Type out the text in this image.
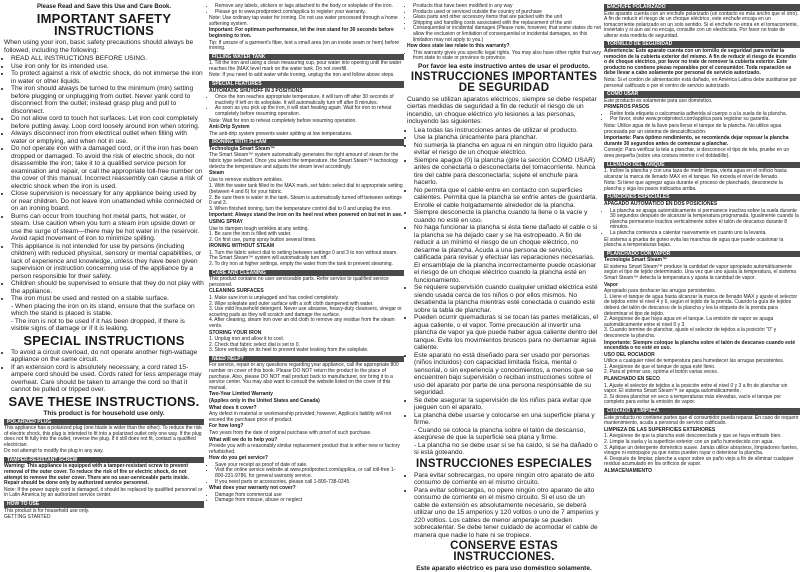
Please Read and Save this Use and Care Book.
IMPORTANT SAFETY INSTRUCTIONS

When using your iron, basic safety precautions should always be followed, including the following:

• READ ALL INSTRUCTIONS BEFORE USING.
• Use iron only for its intended use.
• To protect against a risk of electric shock, do not immerse the iron in water or other liquids.
• The iron should always be turned to the minimum (min) setting before plugging or unplugging from outlet. Never yank cord to disconnect from the outlet; instead grasp plug and pull to disconnect.
• Do not allow cord to touch hot surfaces. Let iron cool completely before putting away. Loop cord loosely around iron when storing.
• Always disconnect iron from electrical outlet when filling with water or emptying, and when not in use.
• Do not operate iron with a damaged cord, or if the iron has been dropped or damaged. To avoid the risk of electric shock, do not disassemble the iron; take it to a qualified service person for examination and repair, or call the appropriate toll-free number on the cover of this manual. Incorrect reassembly can cause a risk of electric shock when the iron is used.
• Close supervision is necessary for any appliance being used by or near children. Do not leave iron unattended while connected or on an ironing board.
• Burns can occur from touching hot metal parts, hot water, or steam. Use caution when you turn a steam iron upside down or use the surge of steam—there may be hot water in the reservoir. Avoid rapid movement of iron to minimize spilling.
• This appliance is not intended for use by persons (including children) with reduced physical, sensory or mental capabilities, or lack of experience and knowledge, unless they have been given supervision or instruction concerning use of the appliance by a person responsible for their safety.
• Children should be supervised to ensure that they do not play with the appliance.
• The iron must be used and rested on a stable surface.
- When placing the iron on its stand, ensure that the surface on which the stand is placed is stable.
- The iron is not to be used if it has been dropped, if there is visible signs of damage or if it is leaking.
SPECIAL INSTRUCTIONS
• To avoid a circuit overload, do not operate another high-wattage appliance on the same circuit.
• If an extension cord is absolutely necessary, a cord rated 15-ampere cord should be used. Cords rated for less amperage may overheat. Care should be taken to arrange the cord so that it cannot be pulled or tripped over.
SAVE THESE INSTRUCTIONS.
This product is for household use only.
POLARIZED PLUG

This appliance has a polarized plug (one blade is wider than the other). To reduce the risk of electric shock, this plug is intended to fit into a polarized outlet only one way. If the plug does not fit fully into the outlet, reverse the plug. If it still does not fit, contact a qualified electrician.

Do not attempt to modify the plug in any way.

TAMPER-RESISTANT SCREW

Warning: This appliance is equipped with a tamper-resistant screw to prevent removal of the outer cover. To reduce the risk of fire or electric shock, do not attempt to remove the outer cover. There are no user-serviceable parts inside. Repair should be done only by authorized service personnel.

Note: If the power supply cord is damaged, it should be replaced by qualified personnel or in Latin America by an authorized service center.

HOW TO USE

This product is for household use only.

GETTING STARTED

• Remove any labels, stickers or tags attached to the body or soleplate of the iron.
• Please go to www.prodprotect.com/applica to register your warranty.

Note: Use ordinary tap water for ironing. Do not use water processed through a home softening system.

Important: For optimum performance, let the iron stand for 30 seconds before beginning to iron.

Tip: If unsure of a garment's fiber, test a small area (on an inside seam or hem) before ironing.

FILLING WATER TANK

1. Tilt the iron and using a clean measuring cup, pour water into opening until the water reaches the (MAX level mark on the water tank. Do not overfill.

Note: If you need to add water while ironing, unplug the iron and follow above steps.

SPECIAL FEATURES

AUTOMATIC SHUTOFF IN 3 POSITIONS

• Once the iron reaches appropriate temperature, it will turn off after 30 seconds of inactivity if left on its soleplate. It will automatically turn off after 8 minutes.
• As soon as you pick up the iron, it will start heating again. Wait for iron to reheat completely before resuming operation.

Note: Wait for iron to reheat completely before resuming operation.

Anti-Drip System

The anti-drip system prevents water spitting at low temperatures.

IRONING WITH STEAM

Technologia Smart Steam™

The Smart Steam™ system automatically generates the right amount of steam for the fabric type selected. Once you select the temperature, the Smart Steam™ technology detects the temperature and adjusts the steam level accordingly.

Steam

Use to remove stubborn wrinkles.

1. With the water tank filled to the MAX mark, set fabric select dial to appropriate setting (between 4 and 6) for your fabric.
2. Be sure there is water in the tank. Steam is automatically turned off between settings 0 and 3.
3. When finished ironing, turn the temperature control dial to 0 and unplug the iron.

Important: Always stand the iron on its heel rest when powered on but not in use.

USING SPRAY

Use to dampen tough wrinkles at any setting.
1. Be sure the iron is filled with water.
2. On first use, pump spray button several times.

IRONING WITHOUT STEAM

1. Turn the fabric select dial to setting between settings 0 and 3 to iron without steam. The Smart Steam™ system will automatically turn off.
2. To dry iron at higher settings, empty the water from the tank to prevent steaming.

CARE AND CLEANING

This product contains no user serviceable parts. Refer service to qualified service personnel.

CLEANING SURFACES

1. Make sure iron is unplugged and has cooled completely.
2. Wipe soleplate and outer surface with a soft cloth dampened with water.
3. Use mild household detergent. Never use abrasive, heavy-duty cleansers, vinegar or scouring pads as they will scratch and damage the surface.
4. After cleaning, steam iron over an old cloth to remove any residue from the steam vents.

STORING YOUR IRON

1. Unplug iron and allow it to cool.
2. Check that fabric select dial is set to 0.
3. Store vertically on its heel to prevent water leaking from the soleplate.

NEED HELP?

For service, repair or any questions regarding your appliance, call the appropriate 800 number on cover of this book. Please DO NOT return the product to the place of purchase. Also, please DO NOT mail product back to manufacturer, nor bring it to a service center. You may also want to consult the website listed on the cover of this manual.

Two-Year Limited Warranty

(Applies only in the United States and Canada)

What does it cover?

Any defect in material or workmanship provided; however, Applica's liability will not exceed the purchase price of product.

For how long?

Two years from the date of original purchase with proof of such purchase.

What will we do to help you?

Provide you with a reasonably similar replacement product that is either new or factory refurbished.

How do you get service?

• Save your receipt as proof of date of sale.
• Visit the online service website at www.prodprotect.com/applica, or call toll-free 1-800-231-9786, for general warranty service.
• If you need parts or accessories, please call 1-800-738-0245.

What does your warranty not cover?

• Damage from commercial use
• Damage from misuse, abuse or neglect
• Products that have been modified in any way
• Products used or serviced outside the country of purchase
• Glass parts and other accessory items that are packed with the unit
• Shipping and handling costs associated with the replacement of the unit
• Consequential or incidental damages (Please note, however, that some states do not allow the exclusion or limitation of consequential or incidental damages, so this limitation may not apply to you.)

How does state law relate to this warranty?

• This warranty gives you specific legal rights. You may also have other rights that vary from state to state or province to province.
Por favor lea este instructivo antes de usar el producto.
INSTRUCCIONES IMPORTANTES DE SEGURIDAD

Cuando se utilizan aparatos eléctricos, siempre se debe respetar ciertas medidas de seguridad a fin de reducir el riesgo de un incendio, un choque eléctrico y/o lesiones a las personas, incluyendo las siguientes:

• Lea todas las instrucciones antes de utilizar el producto.
• Use la plancha únicamente para planchar.
• No sumerja la plancha en agua ni en ningún otro líquido para evitar el riesgo de un choque eléctrico.
• Siempre apague (0) la plancha (gire la sección COMO USAR) antes de conectarla o desconectarla del tomacorriente. Nunca tire del cable para desconectarla; sujete el enchufe para hacerlo.
• No permita que el cable entre en contacto con superficies calientes. Permita que la plancha se enfríe antes de guardarla. Enrolle el cable holgadamente alrededor de la plancha.
• Siempre desconecte la plancha cuando la llene o la vacíe y cuando no esté en uso.
• No haga funcionar la plancha si ésta tiene dañado el cable o si la plancha se ha dejado caer y se ha estropeado. A fin de reducir a un mínimo el riesgo de un choque eléctrico, no desarme la plancha. Acuda a una persona de servicio, calificada para revisar y efectuar las reparaciones necesarias. El ensamblaje de la plancha incorrectamente puede ocasionar el riesgo de un choque eléctrico cuando la plancha esté en funcionamiento.
• Se requiere supervisión cuando cualquier unidad eléctrica esté siendo usada cerca de los niños o por ellos mismos. No desatienda la plancha mientras esté conectada o cuando esté sobre la tabla de planchar.
• Pueden ocurrir quemaduras si se tocan las partes metálicas, el agua caliente, o el vapor. Tome precaución al invertir una plancha de vapor ya que puede haber agua caliente dentro del tanque. Evite los movimientos bruscos para no derramar agua caliente.
• Este aparato no está diseñado para ser usado por personas (niños incluidos) con capacidad limitada física, mental o sensorial, o sin experiencia y conocimientos, a menos que se encuentren bajo supervisión o reciban instrucciones sobre el uso del aparato por parte de una persona responsable de su seguridad.
• Se debe asegurar la supervisión de los niños para evitar que jueguen con el aparato.
• La plancha debe usarse y colocarse en una superficie plana y firme.
- Cuando se coloca la plancha sobre el talón de descanso, asegúrese de que la superficie sea plana y firme.
- La plancha no se debe usar si se ha caído, si se ha dañado o si está goteando.
INSTRUCCIONES ESPECIALES
• Para evitar sobrecargas, no opere ningún otro aparato de alto consumo de corriente en el mismo circuito.
• Para evitar sobrecargas, no opere ningún otro aparato de alto consumo de corriente en el mismo circuito. Si el uso de un cable de extensión es absolutamente necesario, se deberá utilizar uno de 15 amperios y 120 voltios o uno de 7 amperios y 220 voltios. Los cables de menor amperaje se pueden sobrecalentar. Se debe tener cuidado de acomodar el cable de manera que nadie lo hale ni se tropiece.
CONSERVE ESTAS INSTRUCCIONES.
Este aparato eléctrico es para uso doméstico solamente.
ENCHUFE POLARIZADO

Este aparato cuenta con un enchufe polarizado (un contacto es más ancho que el otro). A fin de reducir el riesgo de un choque eléctrico, este enchufe encaja en un tomacorriente polarizado en un solo sentido. Si el enchufe no entra en el tomacorriente, inviértalo y si aun así no encaja, consulte con un electricista. Por favor no trate de alterar esta medida de seguridad.

TORNILLO DE SEGURIDAD

Advertencia: Este aparato cuenta con un tornillo de seguridad para evitar la remoción de la cubierta exterior del mismo. A fin de reducir el riesgo de incendio o de choque eléctrico, por favor no trate de remover la cubierta exterior. Este producto no contiene piezas reparables por el consumidor. Toda reparación se debe llevar a cabo solamente por personal de servicio autorizado.

Nota: Si el cordón de alimentación está dañado, en América Latina debe sustituirse por personal calificado o por el centro de servicio autorizado.

COMO USAR

Este producto es solamente para uso doméstico.

PRIMEROS PASOS

• Retire toda etiqueta o calcomanía adherida al cuerpo o a la suela de la plancha.
• Por favor, visite www.prodprotect.com/applica para registrar su garantía.

Nota: Utilice agua de la llave para llenar el tanque de la plancha. No utilice agua procesada por un sistema de descalcificación.

Importante: Para óptimo rendimiento, se recomienda dejar reposar la plancha durante 30 segundos antes de comenzar a planchar.

Consejo: Para verificar la tela a planchar, si desconoce el tipo de tela, pruebe en un área pequeña (sobre una costura interior o el dobladillo).

LLENADO DEL TANQUE

1. Incline la plancha y con una taza de medir limpia, vierta agua en el orificio hasta alcanzar la marca de llenado MAX en el tanque. No exceda el nivel de llenado.

Nota: Si tiene que agregar agua durante el proceso de planchado, desconecte la plancha y siga los pasos indicados arriba.

FUNCIONES ESPECIALES

APAGADO AUTOMÁTICO EN DOS POSICIONES

• La plancha se apaga automáticamente si permanece inactiva sobre la suela durante 30 segundos después de alcanzar la temperatura programada. Igualmente cuando la plancha permanece inactiva verticalmente sobre el talón de descanso durante 8 minutos.
• La plancha comienza a calentar nuevamente en cuanto uno la levanta.

El sistema a prueba de goteo evita las manchas de agua que puede ocasionar la plancha a temperaturas bajas.

PLANCHADO CON VAPOR

Tecnología Smart Steam™

El sistema Smart Steam™ produce la cantidad de vapor apropiado automáticamente según el tipo de tejido determinado. Una vez que uno ajusta la temperatura, el sistema Smart Steam™ detecta la temperatura y ajusta la cantidad de vapor.

Vapor

Apropiado para deshacer las arrugas persistentes.
1. Llene el tanque de agua hasta alcanzar la marca de llenado MAX y ajuste el selector de tejidos entre el nivel 4 y 6, según el tejido de la prenda. Cuando la guía de tejidos deberá del talón de descanso de la plancha y lea la etiqueta de la prenda para determinar el tipo de tejido.
2. Asegúrese de que haya agua en el tanque. La emisión de vapor se apaga automáticamente entre el nivel 0 y 3.
3. Cuando termine de planchar, ajuste el selector de tejidos a la posición "0" y desconecte la plancha.

Importante: Siempre coloque la plancha sobre el talón de descanso cuando esté encendida o no esté en uso.

USO DEL ROCIADOR

Utilice a cualquier nivel de temperatura para humedecer las arrugas persistentes.
1. Asegúrese de que el tanque de agua esté lleno.
2. Para el primer uso, oprima el botón varias veces.

PLANCHADO EN SECO

1. Ajuste el selector de tejidos a la posición entre el nivel 0 y 3 a fin de planchar sin vapor. El sistema Smart Steam™ se apaga automáticamente.
2. Si desea planchar en seco a temperaturas más elevadas, vacíe el tanque por completo para evitar la emisión de vapor.

CUIDADO Y LIMPIEZA

Este producto no contiene partes que el consumidor pueda reparar. En caso de requerir mantenimiento, acuda a personal de servicio calificado.

LIMPIEZA DE LAS SUPERFICIES EXTERIORES

1. Asegúrese de que la plancha esté desconectada y que se haya enfriado bien.
2. Limpie la suela y la superficie exterior con un paño humedecido con agua.
3. Aplique un detergente doméstico suave. Jamás utilice abrasivos, limpiadores fuertes, vinagre ni estropajos ya que éstos pueden rayar o deteriorar la plancha.
4. Después de limpiar, planche a vapor sobre un paño viejo a fin de eliminar cualquier residuo acumulado en los orificios de vapor.

ALMACENAMIENTO
